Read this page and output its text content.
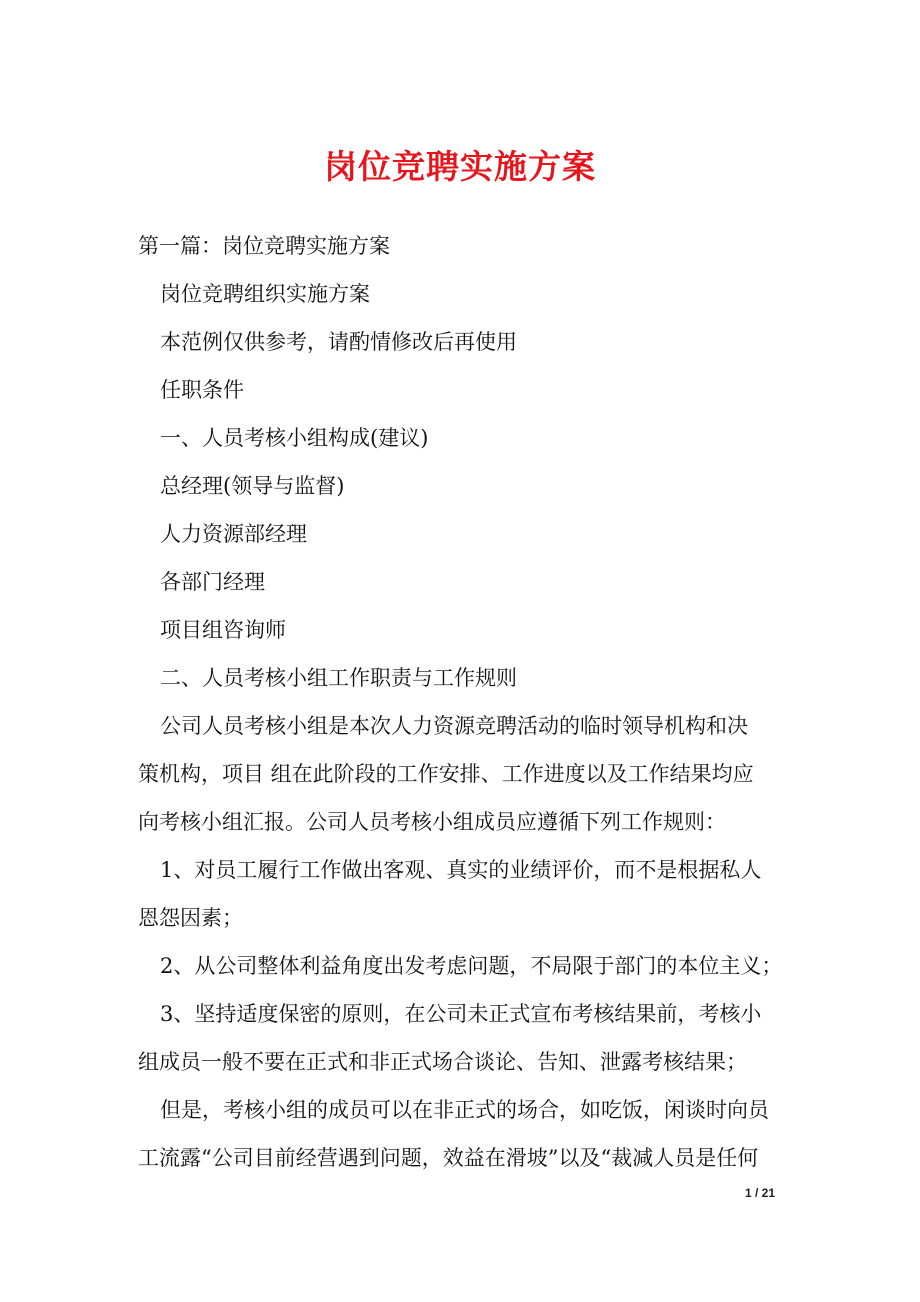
岗位竞聘实施方案

第一篇：岗位竞聘实施方案

岗位竞聘组织实施方案

本范例仅供参考，请酌情修改后再使用

任职条件

一、人员考核小组构成(建议)

总经理(领导与监督)

人力资源部经理

各部门经理

项目组咨询师

二、人员考核小组工作职责与工作规则

公司人员考核小组是本次人力资源竞聘活动的临时领导机构和决

策机构，项目 组在此阶段的工作安排、工作进度以及工作结果均应

向考核小组汇报。公司人员考核小组成员应遵循下列工作规则：

1、对员工履行工作做出客观、真实的业绩评价，而不是根据私人

恩怨因素；

2、从公司整体利益角度出发考虑问题，不局限于部门的本位主义；

3、坚持适度保密的原则，在公司未正式宣布考核结果前，考核小

组成员一般不要在正式和非正式场合谈论、告知、泄露考核结果；

但是，考核小组的成员可以在非正式的场合，如吃饭，闲谈时向员

工流露“公司目前经营遇到问题，效益在滑坡”以及“裁减人员是任何

1 / 21
